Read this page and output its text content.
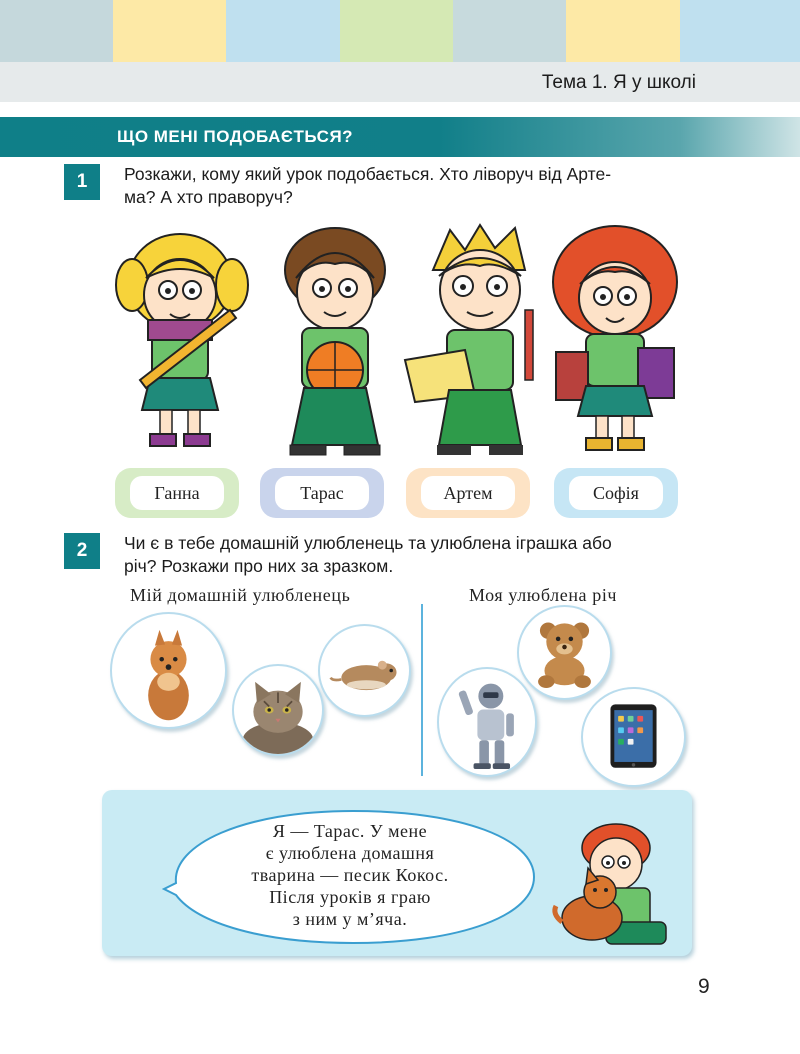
Тема 1. Я у школі
ЩО МЕНІ ПОДОБАЄТЬСЯ?
1	Розкажи, кому який урок подобається. Хто ліворуч від Арте-
ма? А хто праворуч?
Ганна	Тарас	Артем	Софія
2	Чи є в тебе домашній улюбленець та улюблена іграшка або
річ? Розкажи про них за зразком.
Мій домашній улюбленець	Моя улюблена річ
Я — Тарас. У мене
є улюблена домашня
тварина — песик Кокос.
Після уроків я граю
з ним у м’яча.
9
